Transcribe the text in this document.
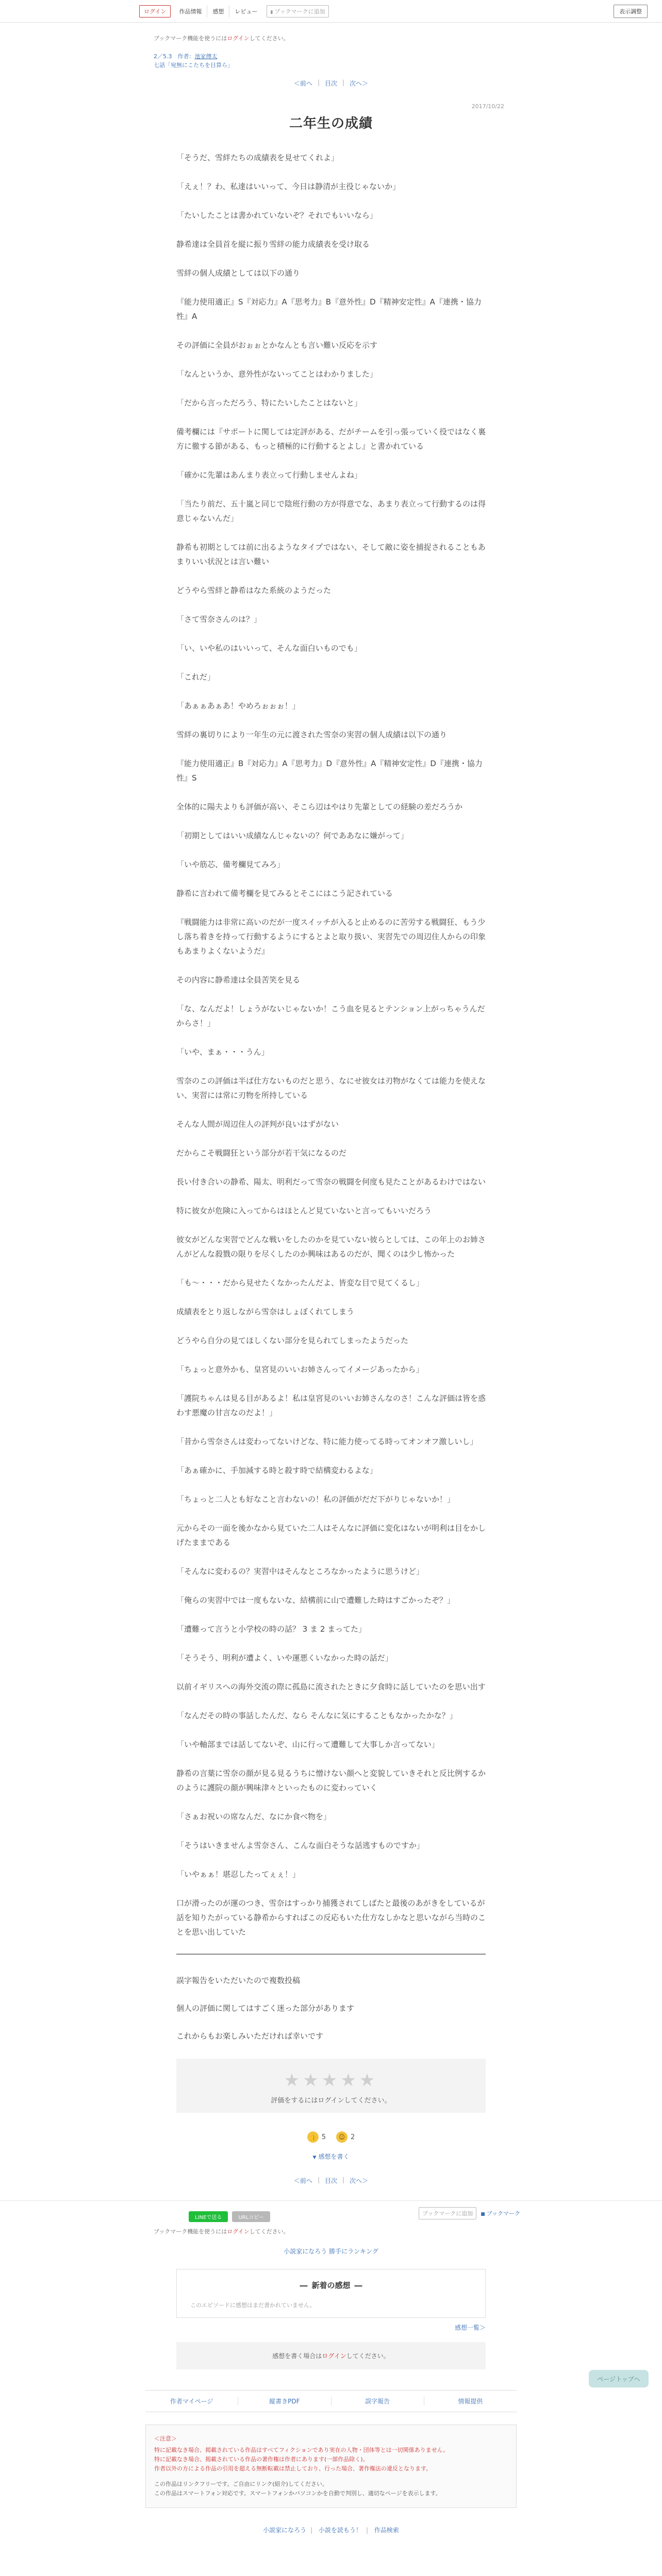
ログイン	作品情報	感想	レビュー	▮ ブックマークに追加	表示調整
ブックマーク機能を使うにはログインしてください。
2／5.3　作者：池家傳太
七話「宛無にこたちを目算ら」
＜前へ | 目次 | 次へ＞
2017/10/22
二年生の成績

「そうだ、雪絆たちの成績表を見せてくれよ」

「えぇ！？わ、私達はいいって、今日は静清が主役じゃないか」

「たいしたことは書かれていないぞ？それでもいいなら」

静希達は全員首を縦に振り雪絆の能力成績表を受け取る

雪絆の個人成績としては以下の通り

『能力使用適正』S『対応力』A『思考力』B『意外性』D『精神安定性』A『連携・協力性』A

その評価に全員がおぉぉとかなんとも言い難い反応を示す

「なんというか、意外性がないってことはわかりました」

「だから言っただろう、特にたいしたことはないと」

備考欄には『サポートに関しては定評がある、だがチームを引っ張っていく役ではなく裏方に徹する節がある、もっと積極的に行動するとよし』と書かれている

「確かに先輩はあんまり表立って行動しませんよね」

「当たり前だ、五十嵐と同じで陰班行動の方が得意でな、あまり表立って行動するのは得意じゃないんだ」

静希も初期としては前に出るようなタイプではない、そして敵に姿を捕捉されることもあまりいい状況とは言い難い

どうやら雪絆と静希はなた系統のようだった

「さて雪奈さんのは？」

「い、いや私のはいいって、そんな面白いものでも」

「これだ」

「あぁぁあぁあ！やめろぉぉぉ！」

雪絆の裏切りにより一年生の元に渡された雪奈の実習の個人成績は以下の通り

『能力使用適正』B『対応力』A『思考力』D『意外性』A『精神安定性』D『連携・協力性』S

全体的に陽夫よりも評価が高い、そこら辺はやはり先輩としての経験の差だろうか

「初期としてはいい成績なんじゃないの？何でああなに嫌がって」

「いや筋芯、備考欄見てみろ」

静希に言われて備考欄を見てみるとそこにはこう記されている

『戦闘能力は非常に高いのだが一度スイッチが入ると止めるのに苦労する戦闘狂、もう少し落ち着きを持って行動するようにするとよと取り扱い、実習先での周辺住人からの印象もあまりよくないようだ』

その内容に静希達は全員苦笑を見る

「な、なんだよ！しょうがないじゃないか！こう血を見るとテンション上がっちゃうんだからさ！」

「いや、まぁ・・・うん」

雪奈のこの評価は半ば仕方ないものだと思う、なにせ彼女は刃物がなくては能力を使えない、実習には常に刃物を所持している

そんな人間が周辺住人の評判が良いはずがない

だからこそ戦闘狂という部分が若干気になるのだ

長い付き合いの静希、陽太、明利だって雪奈の戦闘を何度も見たことがあるわけではない

特に彼女が危険に入ってからはほとんど見ていないと言ってもいいだろう

彼女がどんな実習でどんな戦いをしたのかを見ていない彼らとしては、この年上のお姉さんがどんな殺戮の限りを尽くしたのか興味はあるのだが、聞くのは少し怖かった

「も～・・・だから見せたくなかったんだよ、皆変な目で見てくるし」

成績表をとり返しながら雪奈はしょぼくれてしまう

どうやら自分の見てほしくない部分を見られてしまったようだった

「ちょっと意外かも、皇宮見のいいお姉さんってイメージあったから」

「護院ちゃんは見る目があるよ！私は皇宮見のいいお姉さんなのさ！こんな評価は皆を惑わす悪魔の甘言なのだよ！」

「昔から雪奈さんは変わってないけどな、特に能力使ってる時ってオンオフ激しいし」

「あぁ確かに、手加減する時と殺す時で結構変わるよな」

「ちょっと二人とも好なこと言わないの！私の評価がだだ下がりじゃないか！」

元からその一面を後かなから見ていた二人はそんなに評価に変化はないが明利は目をかしげたままである

「そんなに変わるの？実習中はそんなところなかったように思うけど」

「俺らの実習中では一度もないな、結構前に山で遭難した時はすごかったぞ？」

「遭難って言うと小学校の時の話？ 3 ま 2 まってた」

「そうそう、明利が遭よく、いや運悪くいなかった時の話だ」

以前イギリスへの海外交流の際に孤島に流されたときに夕食時に話していたのを思い出す

「なんだその時の事話したんだ、なら そんなに気にすることもなかったかな？」

「いや軸部までは話してないぞ、山に行って遭難して大事しか言ってない」

静希の言葉に雪奈の顔が見る見るうちに憎けない顔へと変貌していきそれと反比例するかのように護院の顔が興味津々といったものに変わっていく

「さぁお祝いの席なんだ、なにか食べ物を」

「そうはいきませんよ雪奈さん、こんな面白そうな話逃すものですか」

「いやぁぁ！堪忍したってぇぇ！」

口が滑ったのが運のつき、雪奈はすっかり捕獲されてしばたと最後のあがきをしているが話を知りたがっている静希からすればこの反応もいた仕方なしかなと思いながら当時のことを思い出していた

誤字報告をいただいたので複数投稿

個人の評価に関してはすごく迷った部分があります

これからもお楽しみいただければ幸いです

★★★★★
評価をするにはログインしてください。
👍 5	☺ 2
▼ 感想を書く
＜前へ | 目次 | 次へ＞
LINEで送る	URLコピー
ブックマークに追加	■ ブックマーク
ブックマーク機能を使うにはログインしてください。
小説家になろう 勝手にランキング
― 新着の感想 ―
このエピソードに感想はまだ書かれていません。
感想一覧＞
感想を書く場合はログインしてください。
作者マイページ	縦書きPDF	誤字報告	情報提供
＜注意＞
特に記載なき場合、掲載されている作品はすべてフィクションであり実在の人物・団体等とは一切関係ありません。
特に記載なき場合、掲載されている作品の著作権は作者にあります(一部作品除く)。
作者以外の方による作品の引用を超える無断転載は禁止しており、行った場合、著作権法の違反となります。
この作品はリンクフリーです。ご自由にリンク(紹介)してください。
この作品はスマートフォン対応です。スマートフォンかパソコンかを自動で判別し、適切なページを表示します。
小説家になろう | 小説を読もう！ | 作品検索
ページトップへ
